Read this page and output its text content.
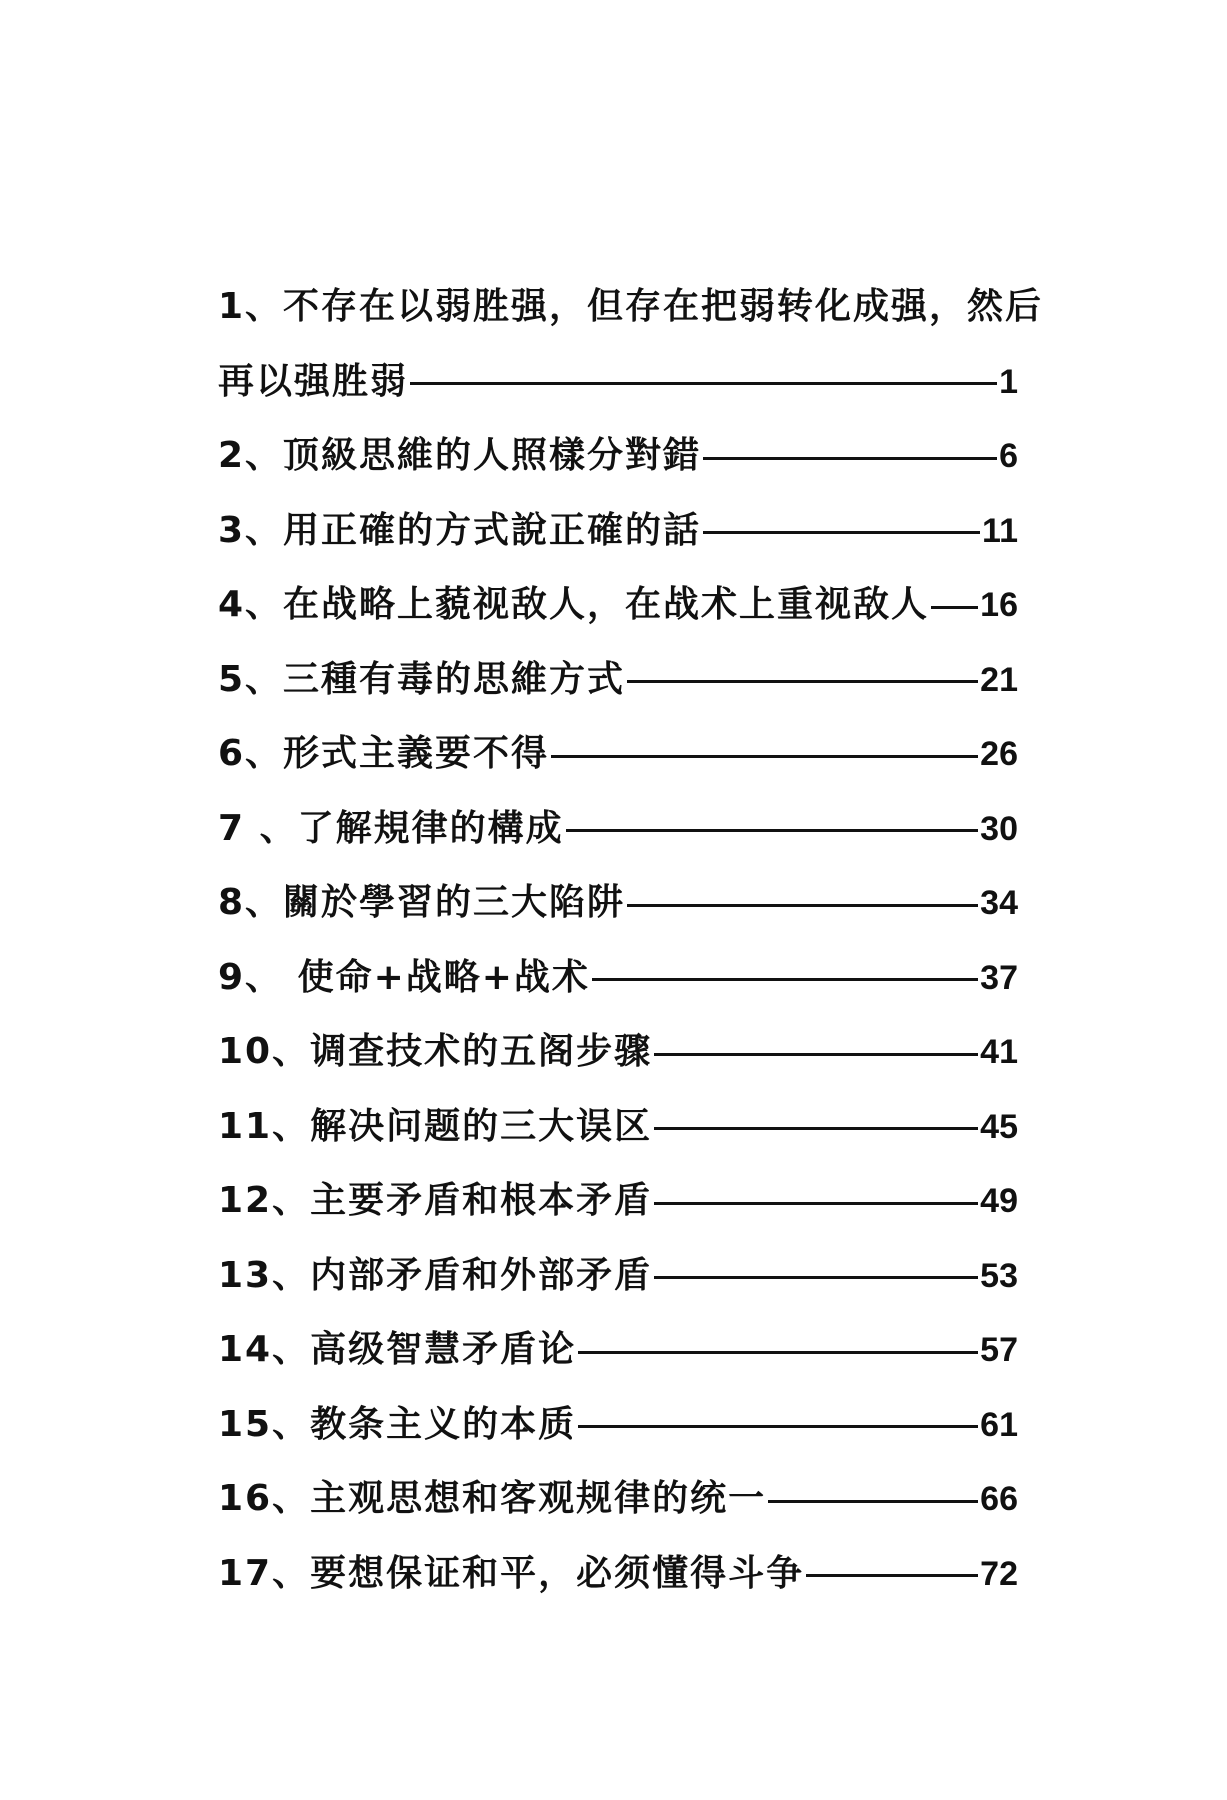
1、不存在以弱胜强，但存在把弱转化成强，然后
再以强胜弱	1
2、顶級思維的人照樣分對錯	6
3、用正確的方式說正確的話	11
4、在战略上藐视敌人，在战术上重视敌人 16
5、三種有毒的思維方式	21
6、形式主義要不得	26
7 、了解規律的構成	30
8、關於學習的三大陷阱	34
9、 使命+战略+战术	37
10、调查技术的五阁步骤	41
11、解决问题的三大误区	45
12、主要矛盾和根本矛盾	49
13、内部矛盾和外部矛盾	53
14、高级智慧矛盾论	57
15、教条主义的本质	61
16、主观思想和客观规律的统一	66
17、要想保证和平，必须懂得斗争	72
